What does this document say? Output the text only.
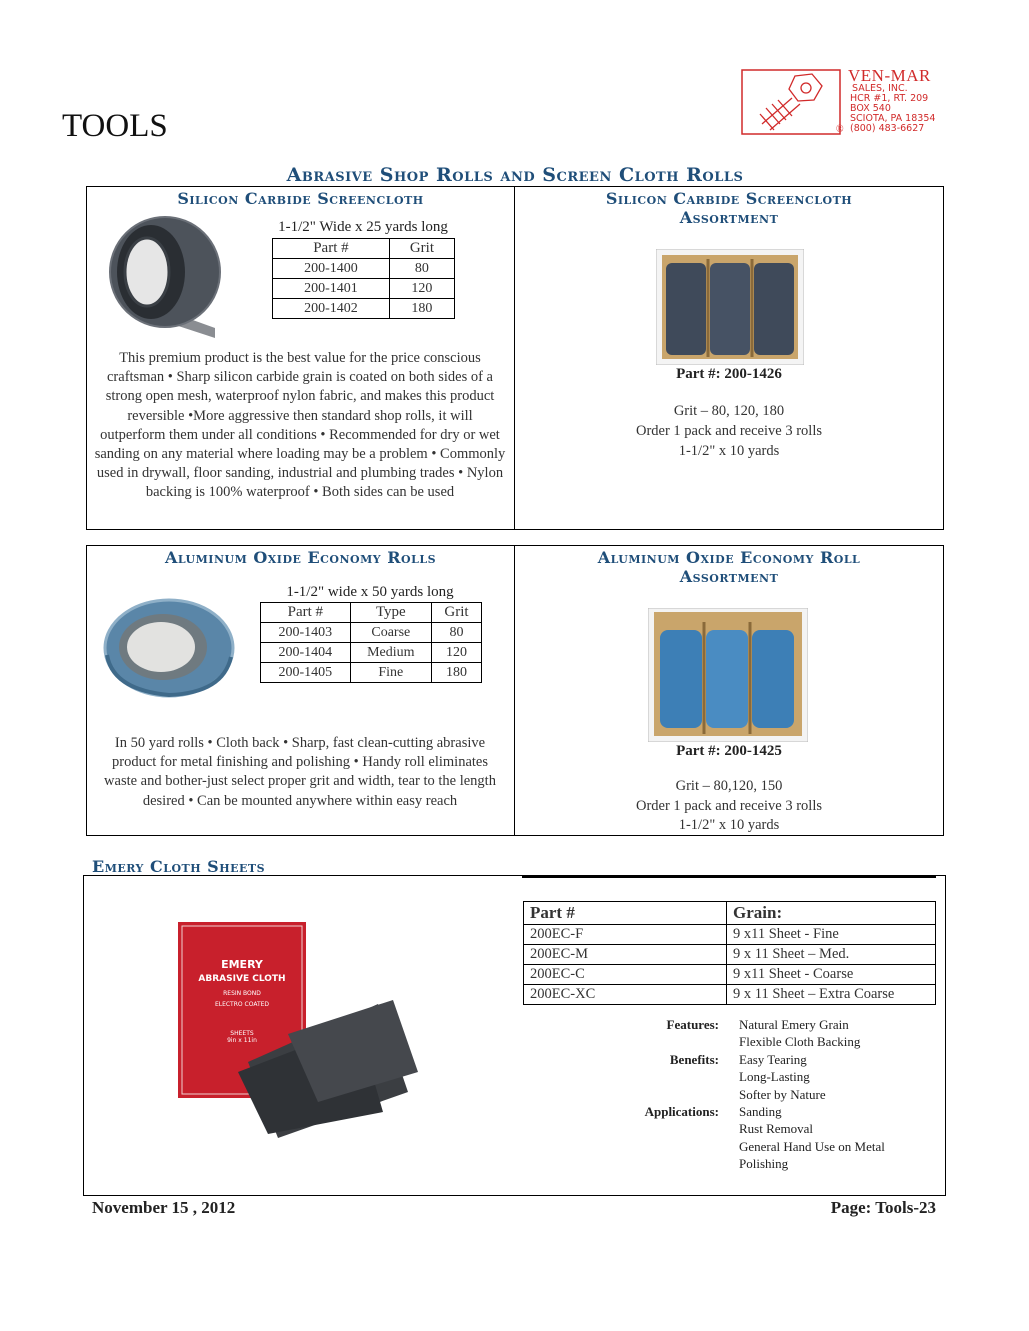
TOOLS
VEN-MAR
SALES, INC.
HCR #1, RT. 209
BOX 540
SCIOTA, PA 18354
(800) 483-6627
®
Abrasive Shop Rolls and Screen Cloth Rolls
Silicon Carbide Screencloth
1-1/2" Wide x 25 yards long
Part #	Grit
200-1400	80
200-1401	120
200-1402	180
This premium product is the best value for the price conscious craftsman • Sharp silicon carbide grain is coated on both sides of a strong open mesh, waterproof nylon fabric, and makes this product reversible •More aggressive then standard shop rolls, it will outperform them under all conditions • Recommended for dry or wet sanding on any material where loading may be a problem • Commonly used in drywall, floor sanding, industrial and plumbing trades • Nylon backing is 100% waterproof • Both sides can be used
Silicon Carbide Screencloth
Assortment
Part #: 200-1426
Grit – 80, 120, 180
Order 1 pack and receive 3 rolls
1-1/2" x 10 yards
Aluminum Oxide Economy Rolls
1-1/2" wide x 50 yards long
Part #	Type	Grit
200-1403	Coarse	80
200-1404	Medium	120
200-1405	Fine	180
In 50 yard rolls • Cloth back • Sharp, fast clean-cutting abrasive product for metal finishing and polishing • Handy roll eliminates waste and bother-just select proper grit and width, tear to the length desired • Can be mounted anywhere within easy reach
Aluminum Oxide Economy Roll
Assortment
Part #: 200-1425
Grit – 80,120, 150
Order 1 pack and receive 3 rolls
1-1/2" x 10 yards
Emery Cloth Sheets
EMERY
ABRASIVE CLOTH
RESIN BOND
ELECTRO COATED
SHEETS
9in x 11in
Part #	Grain:
200EC-F	9 x11 Sheet - Fine
200EC-M	9 x 11 Sheet – Med.
200EC-C	9 x11 Sheet - Coarse
200EC-XC	9 x 11 Sheet – Extra Coarse
Features: Natural Emery Grain
Flexible Cloth Backing
Benefits: Easy Tearing
Long-Lasting
Softer by Nature
Applications: Sanding
Rust Removal
General Hand Use on Metal
Polishing
November 15 , 2012	Page: Tools-23
